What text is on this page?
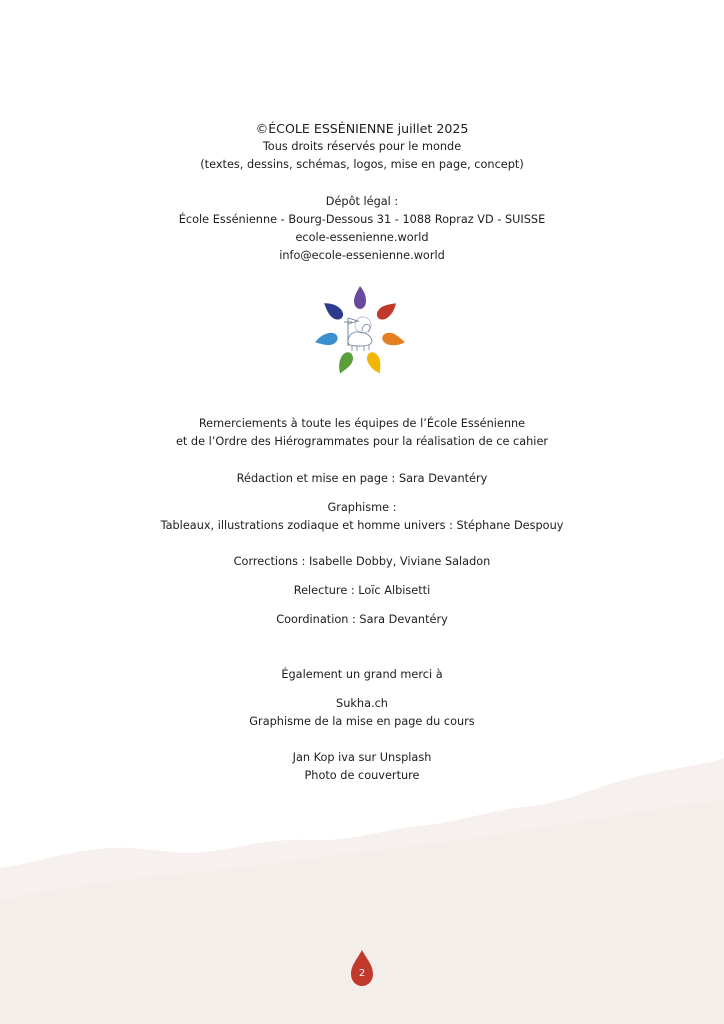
©ÉCOLE ESSÉNIENNE juillet 2025
Tous droits réservés pour le monde
(textes, dessins, schémas, logos, mise en page, concept)
Dépôt légal :
École Essénienne - Bourg-Dessous 31 - 1088 Ropraz VD - SUISSE
ecole-essenienne.world
info@ecole-essenienne.world
Remerciements à toute les équipes de l’École Essénienne
et de l’Ordre des Hiérogrammates pour la réalisation de ce cahier
Rédaction et mise en page : Sara Devantéry
Graphisme :
Tableaux, illustrations zodiaque et homme univers : Stéphane Despouy
Corrections : Isabelle Dobby, Viviane Saladon
Relecture : Loïc Albisetti
Coordination : Sara Devantéry
Également un grand merci à
Sukha.ch
Graphisme de la mise en page du cours
Jan Kop iva sur Unsplash
Photo de couverture
2
